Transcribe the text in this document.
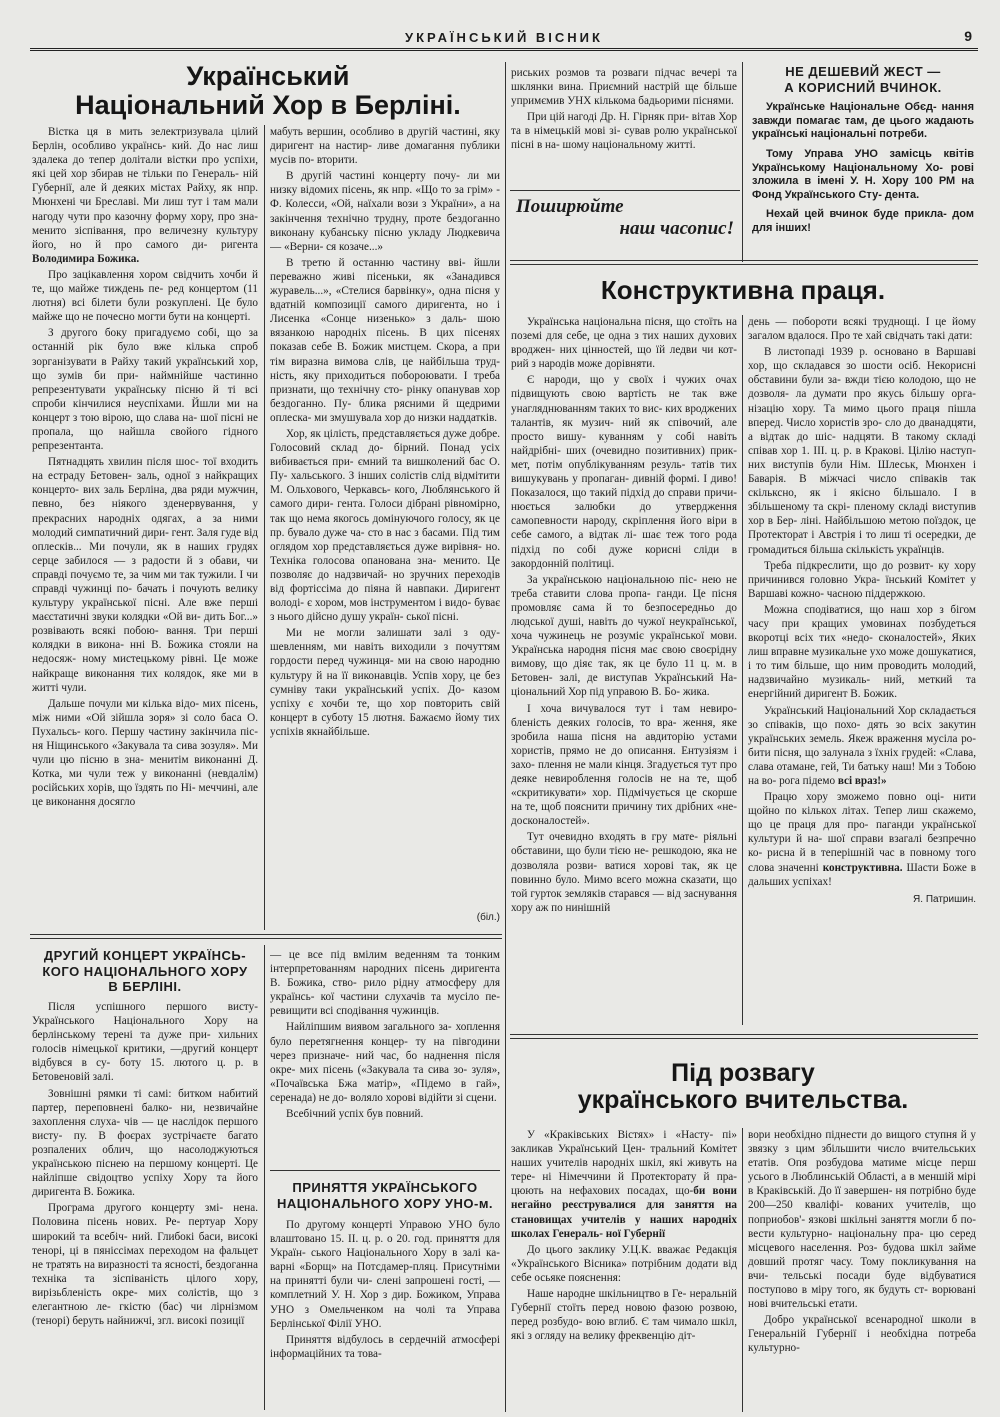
УКРАЇНСЬКИЙ ВІСНИК	9
Український
Національний Хор в Берліні.

Вістка ця в мить зелектризувала цілий Берлін, особливо українсь- кий. До нас лиш здалека до тепер долітали вістки про успіхи, які цей хор збирав не тільки по Генераль- ній Губернії, але й деяких містах Райху, як нпр. Мюнхені чи Бреславі. Ми лиш тут і там мали нагоду чути про казочну форму хору, про зна- менито зіспівання, про величезну культуру його, но й про самого ди- ригента Володимира Божика.

Про зацікавлення хором свідчить хочби й те, що майже тиждень пе- ред концертом (11 лютня) всі білети були розкуплені. Це було майже що не почесно могти бути на концерті.

З другого боку пригадуємо собі, що за останній рік було вже кілька спроб зорганізувати в Райху такий український хор, що зумів би при- наймнійше частинно репрезентувати українську пісню й ті всі спроби кінчилися неуспіхами. Йшли ми на концерт з тою вірою, що слава на- шої пісні не пропала, що найшла свойого гідного репрезентанта.

Пятнадцять хвилин після шос- тої входить на естраду Бетовен- заль, одної з найкращих концерто- вих заль Берліна, два ряди мужчин, певно, без ніякого зденервування, у прекрасних народніх одягах, а за ними молодий симпатичний дири- гент. Заля гуде від оплесків... Ми почули, як в наших грудях серце забилося — з радости й з обави, чи справді почуємо те, за чим ми так тужили. І чи справді чужинці по- бачать і почують велику культуру української пісні. Але вже перші маєстатичні звуки колядки «Ой ви- дить Бог...» розвівають всякі побою- вання. Три перші колядки в викона- нні В. Божика стояли на недосяж- ному мистецькому рівні. Це може найкраще виконання тих колядок, яке ми в житті чули.

Дальше почули ми кілька відо- мих пісень, між ними «Ой зійшла зоря» зі соло баса О. Пухальсь- кого. Першу частину закінчила піс- ня Ніщинського «Закувала та сива зозуля». Ми чули цю пісню в зна- менитім виконанні Д. Котка, ми чули теж у виконанні (невдалім) російських хорів, що їздять по Ні- меччині, але це виконання досягло

мабуть вершин, особливо в другій частині, яку диригент на настир- ливе домагання публики мусів по- вторити.

В другій частині концерту почу- ли ми низку відомих пісень, як нпр. «Що то за грім» - Ф. Колесси, «Ой, наїхали вози з України», а на закінчення технічно трудну, проте бездоганно виконану кубанську пісню укладу Людкевича — «Верни- ся козаче...»

В третю й останню частину вві- йшли переважно живі пісеньки, як «Занадився журавель...», «Стелися барвінку», одна пісня у вдатній композиції самого диригента, но і Лисенка «Сонце низенько» з даль- шою вязанкою народніх пісень. В цих пісенях показав себе В. Божик мистцем. Скора, а при тім виразна вимова слів, це найбільша труд- ність, яку приходиться побороювати. І треба признати, що технічну сто- рінку опанував хор бездоганно. Пу- блика рясними й щедрими оплеска- ми змушувала хор до низки наддатків.

Хор, як цілість, представляється дуже добре. Голосовий склад до- бірний. Понад усіх вибивається при- ємний та вишколений бас О. Пу- хальського. З інших солістів слід відмітити М. Ольхового, Черкавсь- кого, Люблянського й самого дири- гента. Голоси дібрані рівномірно, так що нема якогось домінуючого голосу, як це пр. бувало дуже ча- сто в нас з басами. Під тим оглядом хор представляється дуже вирівня- но. Техніка голосова опанована зна- менито. Це позволяє до надзвичай- но зручних переходів від фортіссімa до піяна й навпаки. Диригент володі- є хором, мов інструментом і видо- буває з нього дійсно душу україн- ської пісні.

Ми не могли залишати залі з оду- шевленням, ми навіть виходили з почуттям гордости перед чужинця- ми на свою народню культуру й на її виконавців. Успів хору, це без сумніву таки український успіх. До- казом успіху є хочби те, що хор повторить свій концерт в суботу 15 лютня. Бажаємо йому тих успіхів якнайбільше.

(біл.)

риських розмов та розваги підчас вечері та шклянки вина. Приємний настрій ще більше упримємив УНХ кількома бадьорими піснями.

При цій нагоді Др. Н. Гірняк при- вітав Хор та в німецькій мові зі- сував ролю української пісні в на- шому національному житті.

Поширюйте
наш часопис!
НЕ ДЕШЕВИЙ ЖЕСТ —
А КОРИСНИЙ ВЧИНОК.

Українське Національне Обєд- нання завжди помагає там, де цього жадають українські національні потреби.

Тому Управа УНО замісць квітів Українському Національному Хо- рові зложила в імені У. Н. Хору 100 РМ на Фонд Українського Сту- дента.

Нехай цей вчинок буде прикла- дом для інших!

Конструктивна праця.

Українська національна пісня, що стоїть на поземі для себе, це одна з тих наших духових вроджен- них цінностей, що їй ледви чи кот- рий з народів може дорівняти.

Є народи, що у своїх і чужих очах підвищують свою вартість не так вже унагляднюванням таких то вис- ких вроджених талантів, як музич- ний як співочий, але просто вишу- куванням у собі навіть найдрібні- ших (очевидно позитивних) прик- мет, потім опублікуванням резуль- татів тих вишукувань у пропаган- дивній формі. І диво! Показалося, що такий підхід до справи причи- нюється залюбки до утвердження самопевности народу, скріплення його віри в себе самого, а відтак лі- шає теж того рода підхід по собі дуже корисні сліди в закордонній політиці.

За українською національною піс- нею не треба ставити слова пропа- ганди. Це пісня промовляє сама й то безпосередньо до людської душі, навіть до чужої неукраїнської, хоча чужинець не розуміє української мови. Українська народня пісня має свою своєрідну вимову, що діяє так, як це було 11 ц. м. в Бетовен- залі, де виступав Український На- ціональний Хор під управою В. Бо- жика.

І хоча вичувалося тут і там невиро- бленість деяких голосів, то вра- ження, яке зробила наша пісня на авдиторію устами хористів, прямо не до описання. Ентузіязм і захо- плення не мали кінця. Згадується тут про деяке невироблення голосів не на те, щоб «скритикувати» хор. Підмічується це скорше на те, щоб пояснити причину тих дрібних «не- досконалостей».

Тут очевидно входять в гру мате- ріяльні обставини, що були тією не- решкодою, яка не дозволяла розви- ватися хорові так, як це повинно було. Мимо всего можна сказати, що той гурток земляків старався — від заснування хору аж по нинішній

день — побороти всякі труднощі. І це йому загалом вдалося. Про те хай свідчать такі дати:

В листопаді 1939 р. основано в Варшаві хор, що складався зо шости осіб. Некорисні обставини були за- вжди тією колодою, що не дозволя- ла думати про якусь більшу орга- нізацію хору. Та мимо цього праця пішла вперед. Число хористів зро- сло до дванадцяти, а відтак до шіс- надцяти. В такому складі співав хор 1. III. ц. р. в Кракові. Цілію наступ- них виступів були Нім. Шлеськ, Мюнхен і Баварія. В міжчасі число співаків так скільксно, як і якісно більшало. І в збільшеному та скрі- пленому складі виступив хор в Бер- ліні. Найбільшою метою поїздок, це Протекторат і Австрія і то лиш ті осередки, де громадиться більша скількість українців.

Треба підкреслити, що до розвит- ку хору причинився головно Укра- їнський Комітет у Варшаві кожно- часною піддержкою.

Можна сподіватися, що наш хор з бігом часу при кращих умовинах позбудеться вкоротці всіх тих «недо- сконалостей», Яких лиш вправне музикальне ухо може дошукатися, і то тим більше, що ним проводить молодий, надзвичайно музикаль- ний, меткий та енергійний диригент В. Божик.

Український Національний Хор складається зо співаків, що похо- дять зо всіх закутин українських земель. Якеж враження мусіла ро- бити пісня, що залунала з їхніх грудей: «Слава, слава отамане, гей, Ти батьку наш! Ми з Тобою на во- рога підемо всі враз!»

Працю хору зможемо повно оці- нити щойно по кількох літах. Тепер лиш скажемо, що це праця для про- паганди української культури й на- шої справи взагалі безпречно ко- рисна й в теперішній час в повному того слова значенні конструктивна. Шасти Боже в дальших успіхах!

Я. Патришин.
ДРУГИЙ КОНЦЕРТ УКРАЇНСЬ-
КОГО НАЦІОНАЛЬНОГО ХОРУ
В БЕРЛІНІ.

Після успішного першого висту- Українського Національного Хору на берлінському терені та дуже при- хильних голосів німецької критики, —другий концерт відбувся в су- боту 15. лютого ц. р. в Бетовеновій залі.

Зовнішні рямки ті самі: битком набитий партер, переповнені балко- ни, незвичайне захоплення слуха- чів — це наслідок першого висту- пу. В фоєрах зустрічаєте багато розпалених облич, що насолоджуються українською піснею на першому концерті. Це найліпше свідоцтво успіху Хору та його диригента В. Божика.

Програма другого концерту змі- нена. Половина пісень нових. Ре- пертуар Хору широкий та всебіч- ний. Глибокі баси, високі тенорі, ці в пяніссімах переходом на фальцет не тратять на виразності та ясності, бездоганна техніка та зіспіваність цілого хору, вирізьбленість окре- мих солістів, що з елегантною ле- гкістю (бас) чи лірнізмом (тенорі) беруть найнижчі, згл. високі позиції

— це все під вмілим веденням та тонким інтерпретованням народних пісень диригента В. Божика, ство- рило рідну атмосферу для українсь- кої частини слухачів та мусіло пе- ревищити всі сподівання чужинців.

Найліпшим виявом загального за- хоплення було перетягнення концер- ту на півгодини через призначе- ний час, бо наднення після окре- мих пісень («Закувала та сива зо- зуля», «Почаївська Бжа матір», «Підемо в гай», серенада) не до- воляло хорові відійти зі сцени.

Всебічний успіх був повний.

ПРИНЯТТЯ УКРАЇНСЬКОГО
НАЦІОНАЛЬНОГО ХОРУ УНО-м.

По другому концерті Управою УНО було влаштовано 15. II. ц. р. о 20. год. приняття для Україн- ського Національного Хору в залі ка- варні «Борщ» на Потсдамер-пляц. Присутніми на принятті були чи- слені запрошені гості, — комплетний У. Н. Хор з дир. Божиком, Управа УНО з Омельченком на чолі та Управа Берлінської Філії УНО.

Приняття відбулось в сердечній атмосфері інформаційних та това-

Під розвагу
українського вчительства.

У «Краківських Вістях» і «Насту- пі» закликав Український Цен- тральний Комітет наших учителів народніх шкіл, які живуть на тере- ні Німеччини й Протекторату й пра- цюють на нефахових посадах, що-би вони негайно реєструвалися для заняття на становищах учителів у наших народніх школах Генераль- ної Губернії

До цього заклику У.Ц.К. вважає Редакція «Українського Вісника» потрібним додати від себе осьяке пояснення:

Наше народне шкільництво в Ге- неральній Губернії стоїть перед новою фазою розвою, перед розбудо- вою вглиб. Є там чимало шкіл, які з огляду на велику фреквенцію діт-

вори необхідно піднести до вищого ступня й у звязку з цим збільшити число вчительських етатів. Опя розбудова матиме місце перш усього в Люблинській Області, а в меншій мірі в Краківській. До її завершен- ня потрібно буде 200—250 кваліфі- кованих учителів, що поприобов'- язкові шкільні заняття могли б по- вести культурно- національну пра- цю серед місцевого населення. Роз- будова шкіл займе довший протяг часу. Тому покликування на вчи- тельські посади буде відбуватися поступово в міру того, як будуть ст- ворювані нові вчительські етати.

Добро української всенародної школи в Генеральній Губернії і необхідна потреба культурно-
